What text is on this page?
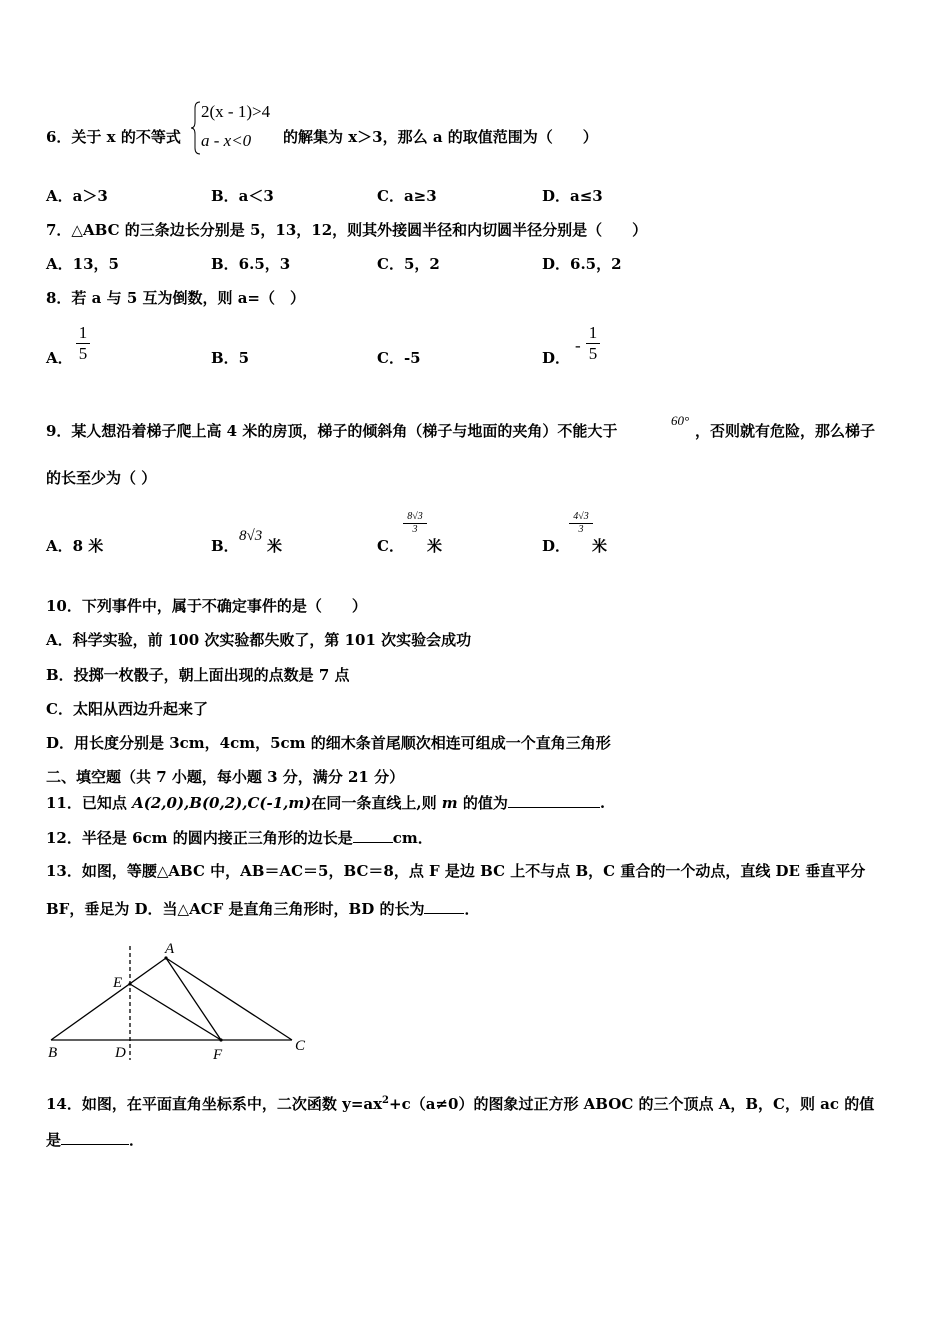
6．关于 x 的不等式
2(x - 1)>4
a - x<0 的解集为 x＞3，那么 a 的取值范围为（　　）
A．a＞3	B．a＜3	C．a≥3	D．a≤3
7．△ABC 的三条边长分别是 5，13，12，则其外接圆半径和内切圆半径分别是（　　）
A．13，5	B．6.5，3	C．5，2	D．6.5，2
8．若 a 与 5 互为倒数，则 a=（　）
A． $\frac{1}{5}$	B．5	C．-5	D．
- $\frac{1}{5}$
9．某人想沿着梯子爬上高 4 米的房顶，梯子的倾斜角（梯子与地面的夹角）不能大于
60°
，否则就有危险，那么梯子
的长至少为（ ）
A．8 米	B．
8√3
米	C．
$\frac{8√3}{3}$
米	D．
$\frac{4√3}{3}$
米
10．下列事件中，属于不确定事件的是（　　）
A．科学实验，前 100 次实验都失败了，第 101 次实验会成功
B．投掷一枚骰子，朝上面出现的点数是 7 点
C．太阳从西边升起来了
D．用长度分别是 3cm，4cm，5cm 的细木条首尾顺次相连可组成一个直角三角形
二、填空题（共 7 小题，每小题 3 分，满分 21 分）
11．已知点 A(2,0),B(0,2),C(-1,m)在同一条直线上,则 m 的值为	.
12．半径是 6cm 的圆内接正三角形的边长是	cm．
13．如图，等腰△ABC 中，AB＝AC＝5，BC＝8，点 F 是边 BC 上不与点 B，C 重合的一个动点，直线 DE 垂直平分
BF，垂足为 D．当△ACF 是直角三角形时，BD 的长为	．
A
E
B	D	F
C
14．如图，在平面直角坐标系中，二次函数 $y=ax^2+c(a\ne 0)$的图象过正方形 ABOC 的三个顶点 A，B，C，则 ac 的值
是	．
